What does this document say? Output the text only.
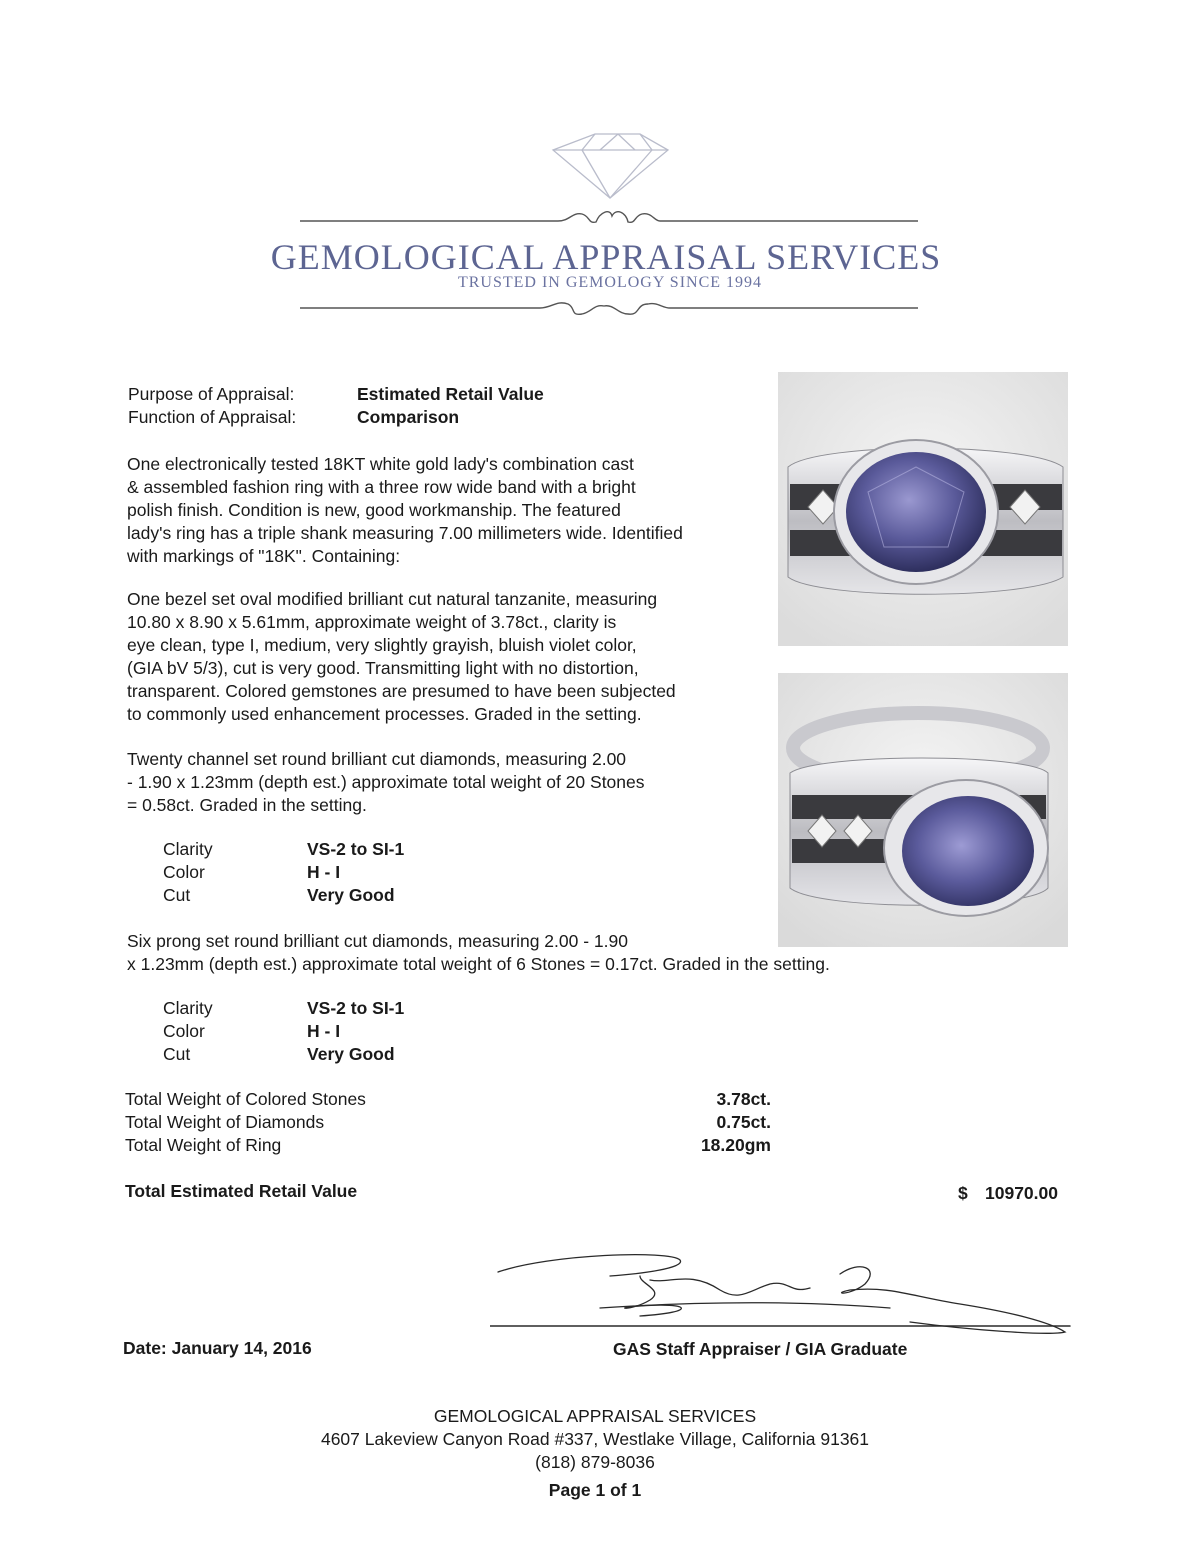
GEMOLOGICAL APPRAISAL SERVICES
TRUSTED IN GEMOLOGY SINCE 1994
Purpose of Appraisal:	Estimated Retail Value
Function of Appraisal:	Comparison

One electronically tested 18KT white gold lady's combination cast

& assembled fashion ring with a three row wide band with a bright

polish finish. Condition is new, good workmanship. The featured

lady's ring has a triple shank measuring 7.00 millimeters wide. Identified

with markings of "18K". Containing:

One bezel set oval modified brilliant cut natural tanzanite, measuring

10.80 x 8.90 x 5.61mm, approximate weight of 3.78ct., clarity is

eye clean, type I, medium, very slightly grayish, bluish violet color,

(GIA bV 5/3), cut is very good. Transmitting light with no distortion,

transparent. Colored gemstones are presumed to have been subjected

to commonly used enhancement processes. Graded in the setting.

Twenty channel set round brilliant cut diamonds, measuring 2.00

- 1.90 x 1.23mm (depth est.) approximate total weight of 20 Stones

= 0.58ct. Graded in the setting.

Clarity	VS-2 to SI-1
Color	H - I
Cut	Very Good

Six prong set round brilliant cut diamonds, measuring 2.00 - 1.90

x 1.23mm (depth est.) approximate total weight of 6 Stones = 0.17ct. Graded in the setting.

Clarity	VS-2 to SI-1
Color	H - I
Cut	Very Good
Total Weight of Colored Stones	3.78ct.
Total Weight of Diamonds	0.75ct.
Total Weight of Ring	18.20gm
Total Estimated Retail Value	$ 10970.00
Date: January 14, 2016	GAS Staff Appraiser / GIA Graduate
GEMOLOGICAL APPRAISAL SERVICES
4607 Lakeview Canyon Road #337, Westlake Village, California 91361
(818) 879-8036
Page 1 of 1
